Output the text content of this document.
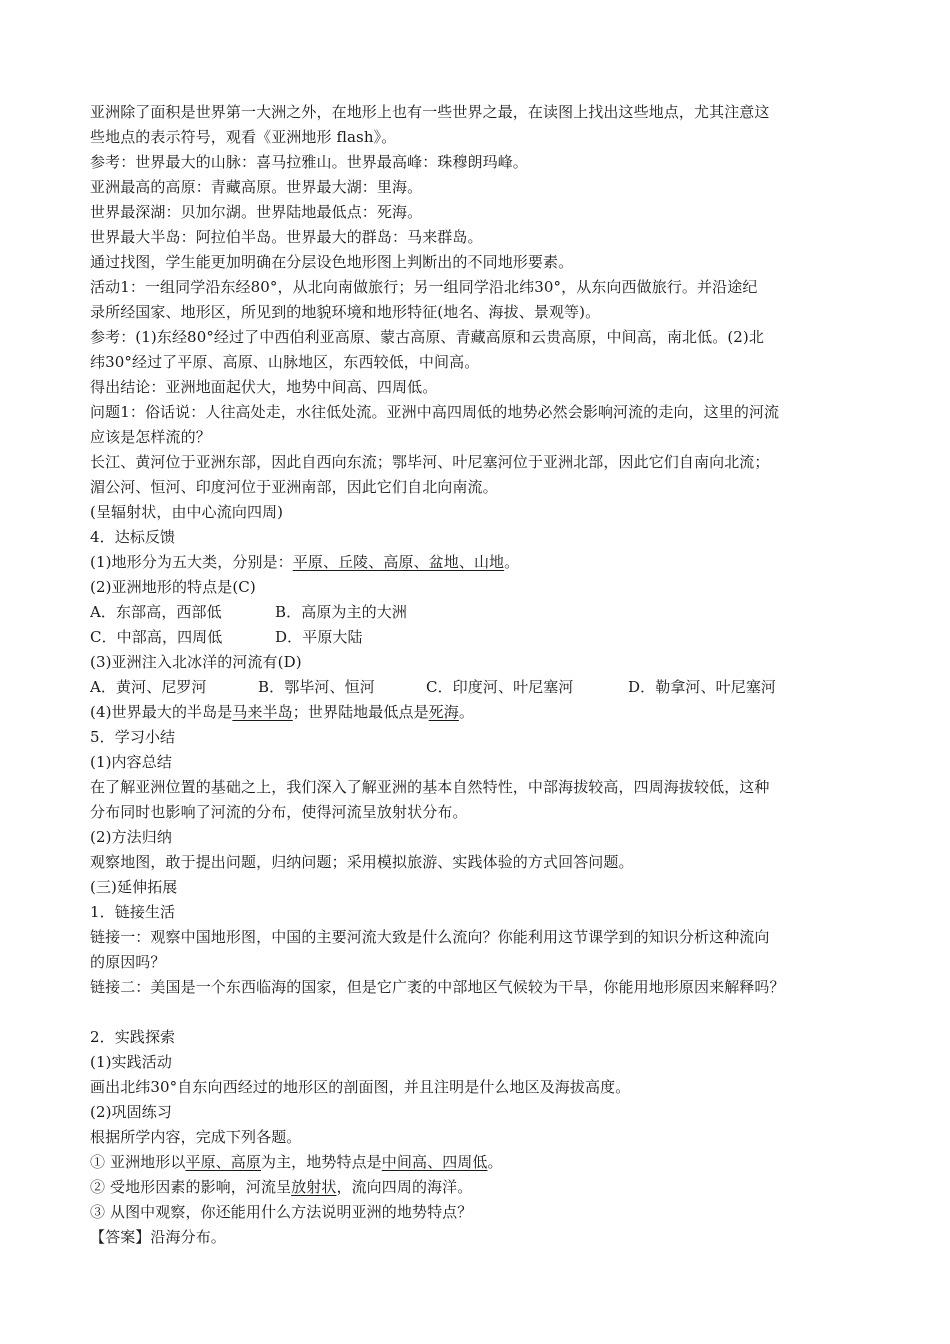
亚洲除了面积是世界第一大洲之外，在地形上也有一些世界之最，在读图上找出这些地点，尤其注意这
些地点的表示符号，观看《亚洲地形 flash》。
参考：世界最大的山脉：喜马拉雅山。世界最高峰：珠穆朗玛峰。
亚洲最高的高原：青藏高原。世界最大湖：里海。
世界最深湖：贝加尔湖。世界陆地最低点：死海。
世界最大半岛：阿拉伯半岛。世界最大的群岛：马来群岛。
通过找图，学生能更加明确在分层设色地形图上判断出的不同地形要素。
活动1：一组同学沿东经80°，从北向南做旅行；另一组同学沿北纬30°，从东向西做旅行。并沿途纪
录所经国家、地形区，所见到的地貌环境和地形特征(地名、海拔、景观等)。
参考：(1)东经80°经过了中西伯利亚高原、蒙古高原、青藏高原和云贵高原，中间高，南北低。(2)北
纬30°经过了平原、高原、山脉地区，东西较低，中间高。
得出结论：亚洲地面起伏大，地势中间高、四周低。
问题1：俗话说：人往高处走，水往低处流。亚洲中高四周低的地势必然会影响河流的走向，这里的河流
应该是怎样流的？
长江、黄河位于亚洲东部，因此自西向东流；鄂毕河、叶尼塞河位于亚洲北部，因此它们自南向北流；
湄公河、恒河、印度河位于亚洲南部，因此它们自北向南流。
(呈辐射状，由中心流向四周)
4．达标反馈
(1)地形分为五大类，分别是：平原、丘陵、高原、盆地、山地。
(2)亚洲地形的特点是(C)
A．东部高，西部低	B．高原为主的大洲
C．中部高，四周低	D．平原大陆
(3)亚洲注入北冰洋的河流有(D)
A．黄河、尼罗河	B．鄂毕河、恒河	C．印度河、叶尼塞河	D．勒拿河、叶尼塞河
(4)世界最大的半岛是马来半岛；世界陆地最低点是死海。
5．学习小结
(1)内容总结
在了解亚洲位置的基础之上，我们深入了解亚洲的基本自然特性，中部海拔较高，四周海拔较低，这种
分布同时也影响了河流的分布，使得河流呈放射状分布。
(2)方法归纳
观察地图，敢于提出问题，归纳问题；采用模拟旅游、实践体验的方式回答问题。
(三)延伸拓展
1．链接生活
链接一：观察中国地形图，中国的主要河流大致是什么流向？你能利用这节课学到的知识分析这种流向
的原因吗？
链接二：美国是一个东西临海的国家，但是它广袤的中部地区气候较为干旱，你能用地形原因来解释吗？
2．实践探索
(1)实践活动
画出北纬30°自东向西经过的地形区的剖面图，并且注明是什么地区及海拔高度。
(2)巩固练习
根据所学内容，完成下列各题。
① 亚洲地形以平原、高原为主，地势特点是中间高、四周低。
② 受地形因素的影响，河流呈放射状，流向四周的海洋。
③ 从图中观察，你还能用什么方法说明亚洲的地势特点？
【答案】沿海分布。
